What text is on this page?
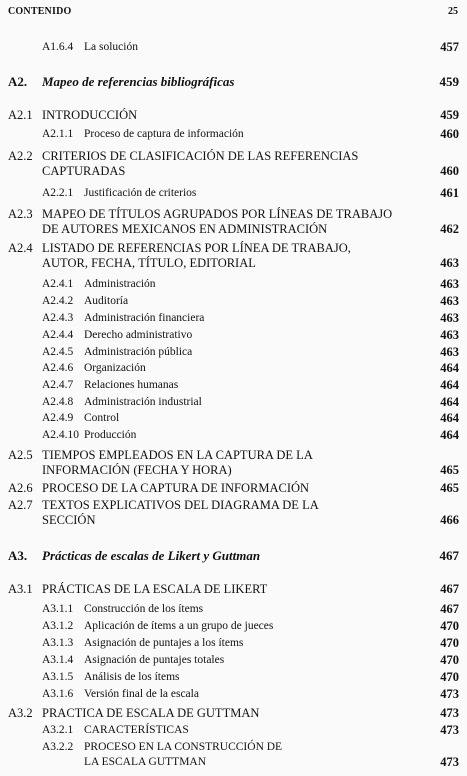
CONTENIDO	25
A1.6.4 La solución	457
A2. Mapeo de referencias bibliográficas	459
A2.1 INTRODUCCIÓN	459
A2.1.1 Proceso de captura de información	460
A2.2 CRITERIOS DE CLASIFICACIÓN DE LAS REFERENCIAS
CAPTURADAS	460
A2.2.1 Justificación de criterios	461
A2.3 MAPEO DE TÍTULOS AGRUPADOS POR LÍNEAS DE TRABAJO
DE AUTORES MEXICANOS EN ADMINISTRACIÓN	462
A2.4 LISTADO DE REFERENCIAS POR LÍNEA DE TRABAJO,
AUTOR, FECHA, TÍTULO, EDITORIAL	463
A2.4.1 Administración	463
A2.4.2 Auditoría	463
A2.4.3 Administración financiera	463
A2.4.4 Derecho administrativo	463
A2.4.5 Administración pública	463
A2.4.6 Organización	464
A2.4.7 Relaciones humanas	464
A2.4.8 Administración industrial	464
A2.4.9 Control	464
A2.4.10 Producción	464
A2.5 TIEMPOS EMPLEADOS EN LA CAPTURA DE LA
INFORMACIÓN (FECHA Y HORA)	465
A2.6 PROCESO DE LA CAPTURA DE INFORMACIÓN	465
A2.7 TEXTOS EXPLICATIVOS DEL DIAGRAMA DE LA
SECCIÓN	466
A3. Prácticas de escalas de Likert y Guttman	467
A3.1 PRÁCTICAS DE LA ESCALA DE LIKERT	467
A3.1.1 Construcción de los ítems	467
A3.1.2 Aplicación de ítems a un grupo de jueces	470
A3.1.3 Asignación de puntajes a los ítems	470
A3.1.4 Asignación de puntajes totales	470
A3.1.5 Análisis de los ítems	470
A3.1.6 Versión final de la escala	473
A3.2 PRACTICA DE ESCALA DE GUTTMAN	473
A3.2.1 CARACTERÍSTICAS	473
A3.2.2 PROCESO EN LA CONSTRUCCIÓN DE
LA ESCALA GUTTMAN	473
